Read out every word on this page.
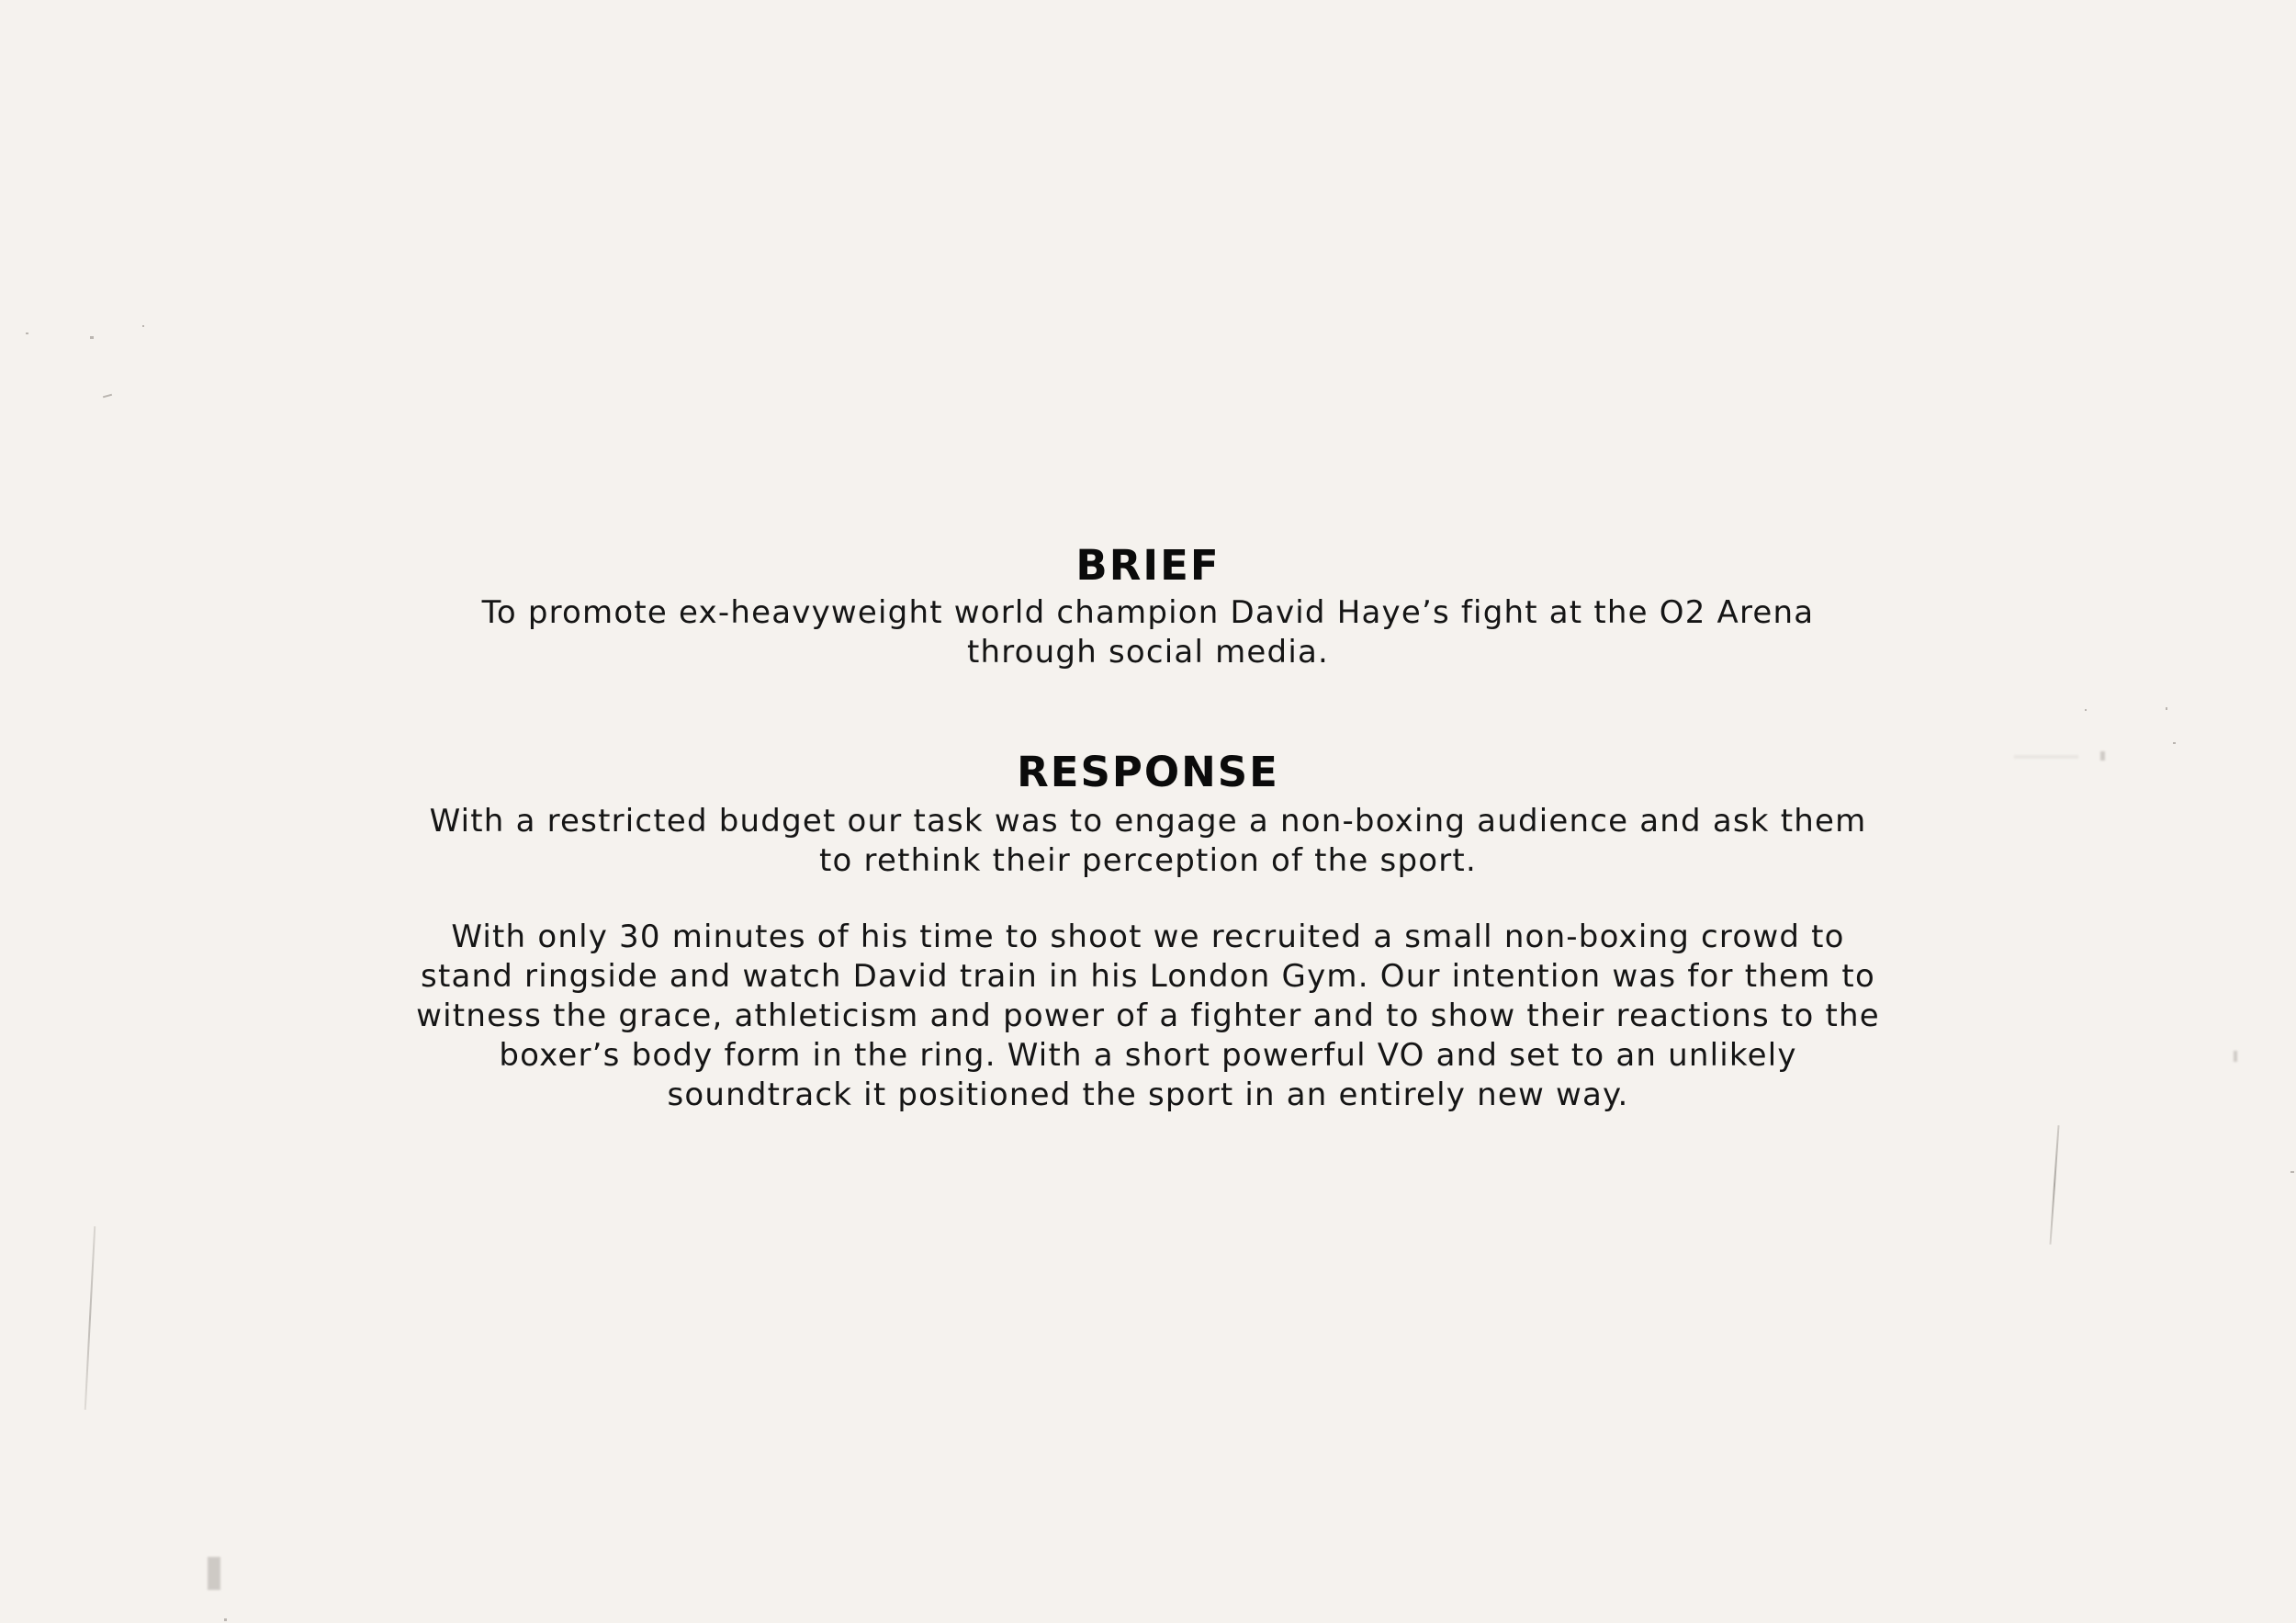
BRIEF

To promote ex-heavyweight world champion David Haye’s fight at the O2 Arena
through social media.

RESPONSE

With a restricted budget our task was to engage a non-boxing audience and ask them
to rethink their perception of the sport.

With only 30 minutes of his time to shoot we recruited a small non-boxing crowd to
stand ringside and watch David train in his London Gym. Our intention was for them to
witness the grace, athleticism and power of a fighter and to show their reactions to the
boxer’s body form in the ring. With a short powerful VO and set to an unlikely
soundtrack it positioned the sport in an entirely new way.
